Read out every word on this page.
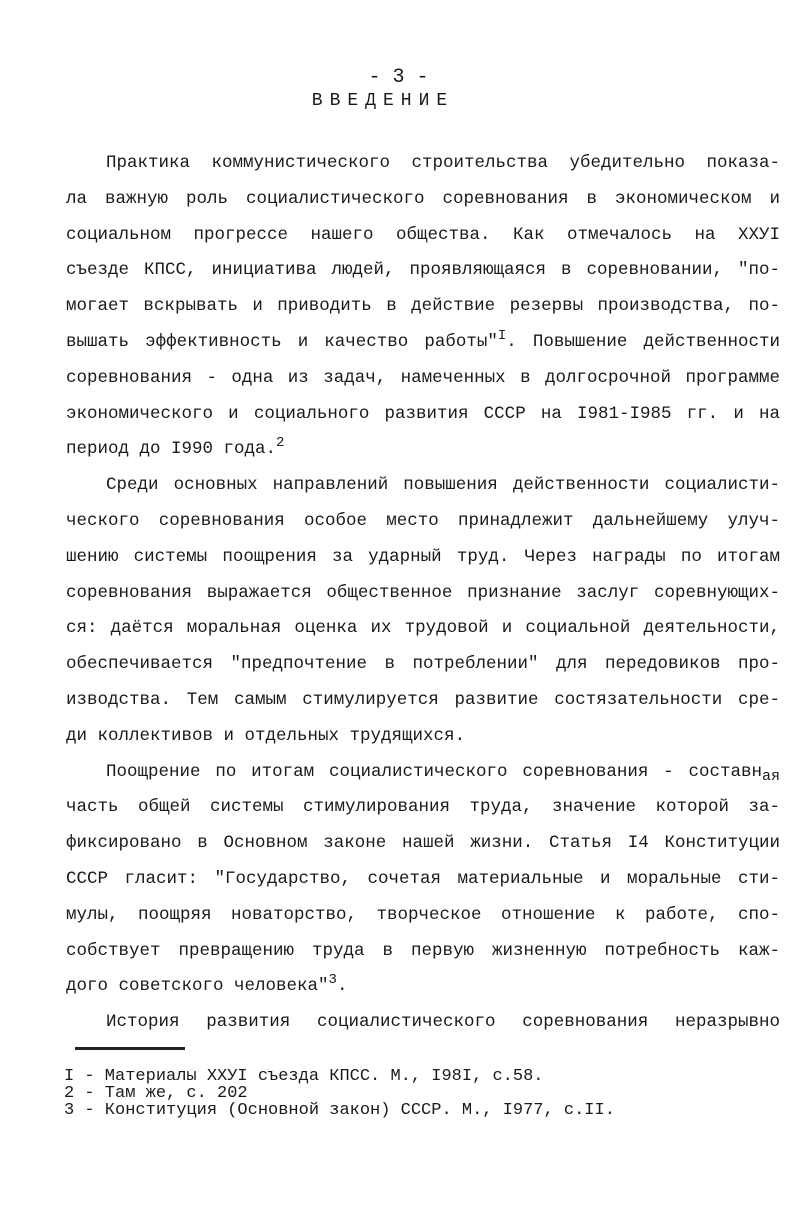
- 3 -
ВВЕДЕНИЕ
Практика коммунистического строительства убедительно показа-
ла важную роль социалистического соревнования в экономическом и
социальном прогрессе нашего общества. Как отмечалось на ХХУI
съезде КПСС, инициатива людей, проявляющаяся в соревновании, "по-
могает вскрывать и приводить в действие резервы производства, по-
вышать эффективность и качество работы"$^I$. Повышение действенности
соревнования - одна из задач, намеченных в долгосрочной программе
экономического и социального развития СССР на I981-I985 гг. и на
период до I990 года.$^2$
Среди основных направлений повышения действенности социалисти-
ческого соревнования особое место принадлежит дальнейшему улуч-
шению системы поощрения за ударный труд. Через награды по итогам
соревнования выражается общественное признание заслуг соревнующих-
ся: даётся моральная оценка их трудовой и социальной деятельности,
обеспечивается "предпочтение в потреблении" для передовиков про-
изводства. Тем самым стимулируется развитие состязательности сре-
ди коллективов и отдельных трудящихся.
Поощрение по итогам социалистического соревнования - составная
часть общей системы стимулирования труда, значение которой за-
фиксировано в Основном законе нашей жизни. Статья I4 Конституции
СССР гласит: "Государство, сочетая материальные и моральные сти-
мулы, поощряя новаторство, творческое отношение к работе, спо-
собствует превращению труда в первую жизненную потребность каж-
дого советского человека"$^3$.
История развития социалистического соревнования неразрывно
I - Материалы ХХУI съезда КПСС. М., I98I, с.58.
2 - Там же, с. 202
3 - Конституция (Основной закон) СССР. М., I977, с.II.
